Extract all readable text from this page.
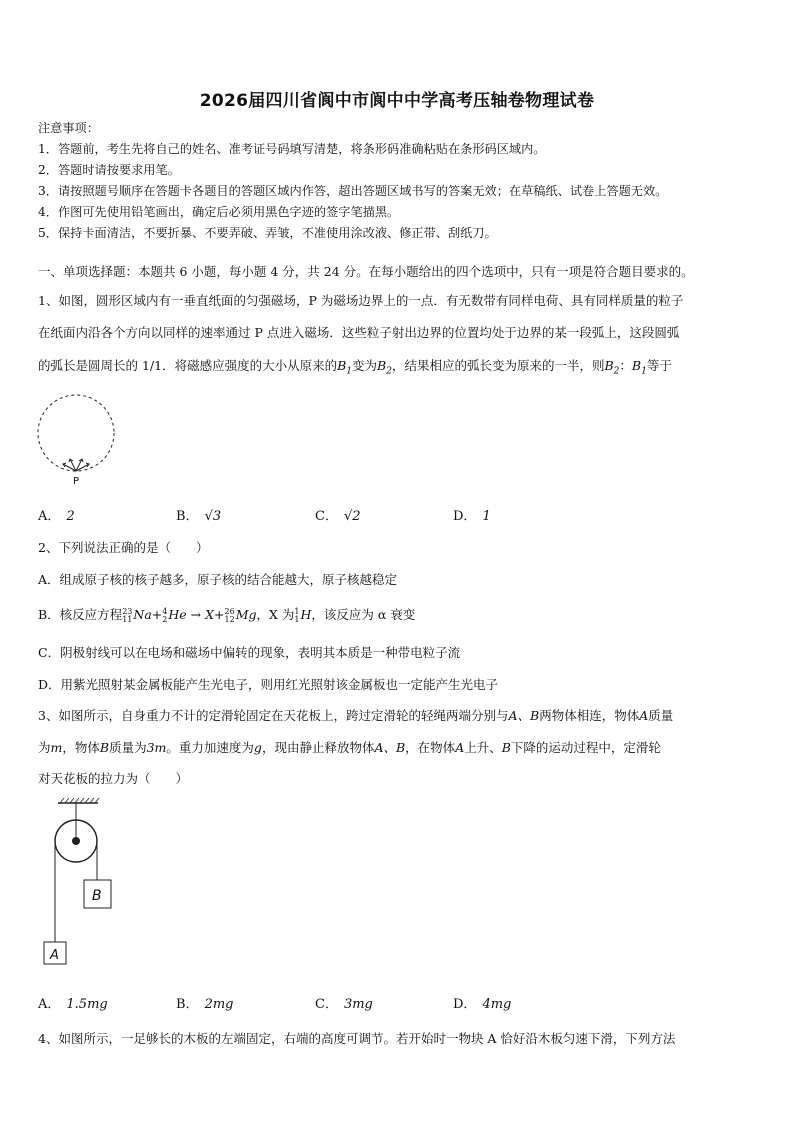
2026届四川省阆中市阆中中学高考压轴卷物理试卷
注意事项：
1．答题前，考生先将自己的姓名、准考证号码填写清楚，将条形码准确粘贴在条形码区域内。
2．答题时请按要求用笔。
3．请按照题号顺序在答题卡各题目的答题区域内作答，超出答题区域书写的答案无效；在草稿纸、试卷上答题无效。
4．作图可先使用铅笔画出，确定后必须用黑色字迹的签字笔描黑。
5．保持卡面清洁，不要折暴、不要弄破、弄皱，不准使用涂改液、修正带、刮纸刀。
一、单项选择题：本题共 6 小题，每小题 4 分，共 24 分。在每小题给出的四个选项中，只有一项是符合题目要求的。
1、如图，圆形区域内有一垂直纸面的匀强磁场，P 为磁场边界上的一点．有无数带有同样电荷、具有同样质量的粒子
在纸面内沿各个方向以同样的速率通过 P 点进入磁场．这些粒子射出边界的位置均处于边界的某一段弧上，这段圆弧
的弧长是圆周长的 1/1．将磁感应强度的大小从原来的$B_1$变为$B_2$，结果相应的弧长变为原来的一半，则$B_2$：$B_1$等于
P
A． 2	B． √3	C． √2	D． 1
2、下列说法正确的是（　　）
A．组成原子核的核子越多，原子核的结合能越大，原子核越稳定
B．核反应方程 23
11 Na+ 4
2 He → X+ 26
12 Mg，X 为 1
1 H，该反应为 α 衰变
C．阴极射线可以在电场和磁场中偏转的现象，表明其本质是一种带电粒子流
D．用紫光照射某金属板能产生光电子，则用红光照射该金属板也一定能产生光电子
3、如图所示，自身重力不计的定滑轮固定在天花板上，跨过定滑轮的轻绳两端分别与A、B两物体相连，物体A质量
为m，物体B质量为3m。重力加速度为g，现由静止释放物体A、B，在物体A上升、B下降的运动过程中，定滑轮
对天花板的拉力为（　　）
B
A
A． 1.5mg	B． 2mg	C． 3mg	D． 4mg
4、如图所示，一足够长的木板的左端固定，右端的高度可调节。若开始时一物块 A 恰好沿木板匀速下滑，下列方法
